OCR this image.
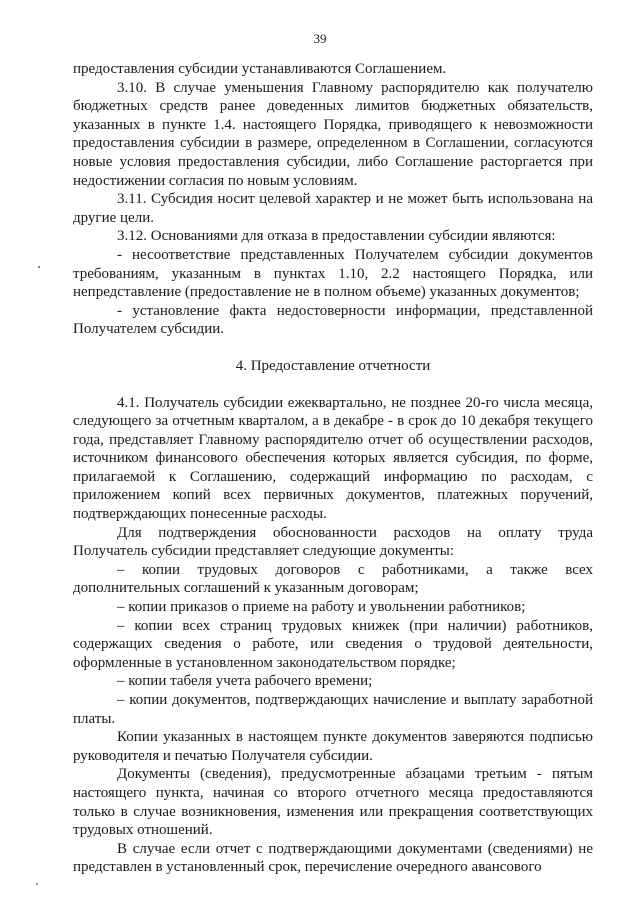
39

предоставления субсидии устанавливаются Соглашением.

3.10. В случае уменьшения Главному распорядителю как получателю бюджетных средств ранее доведенных лимитов бюджетных обязательств, указанных в пункте 1.4. настоящего Порядка, приводящего к невозможности предоставления субсидии в размере, определенном в Соглашении, согласуются новые условия предоставления субсидии, либо Соглашение расторгается при недостижении согласия по новым условиям.

3.11. Субсидия носит целевой характер и не может быть использована на другие цели.

3.12. Основаниями для отказа в предоставлении субсидии являются:

- несоответствие представленных Получателем субсидии документов требованиям, указанным в пунктах 1.10, 2.2 настоящего Порядка, или непредставление (предоставление не в полном объеме) указанных документов;

- установление факта недостоверности информации, представленной Получателем субсидии.

4. Предоставление отчетности

4.1. Получатель субсидии ежеквартально, не позднее 20-го числа месяца, следующего за отчетным кварталом, а в декабре - в срок до 10 декабря текущего года, представляет Главному распорядителю отчет об осуществлении расходов, источником финансового обеспечения которых является субсидия, по форме, прилагаемой к Соглашению, содержащий информацию по расходам, с приложением копий всех первичных документов, платежных поручений, подтверждающих понесенные расходы.

Для подтверждения обоснованности расходов на оплату труда Получатель субсидии представляет следующие документы:

– копии трудовых договоров с работниками, а также всех дополнительных соглашений к указанным договорам;

– копии приказов о приеме на работу и увольнении работников;

– копии всех страниц трудовых книжек (при наличии) работников, содержащих сведения о работе, или сведения о трудовой деятельности, оформленные в установленном законодательством порядке;

– копии табеля учета рабочего времени;

– копии документов, подтверждающих начисление и выплату заработной платы.

Копии указанных в настоящем пункте документов заверяются подписью руководителя и печатью Получателя субсидии.

Документы (сведения), предусмотренные абзацами третьим - пятым настоящего пункта, начиная со второго отчетного месяца предоставляются только в случае возникновения, изменения или прекращения соответствующих трудовых отношений.

В случае если отчет с подтверждающими документами (сведениями) не представлен в установленный срок, перечисление очередного авансового
